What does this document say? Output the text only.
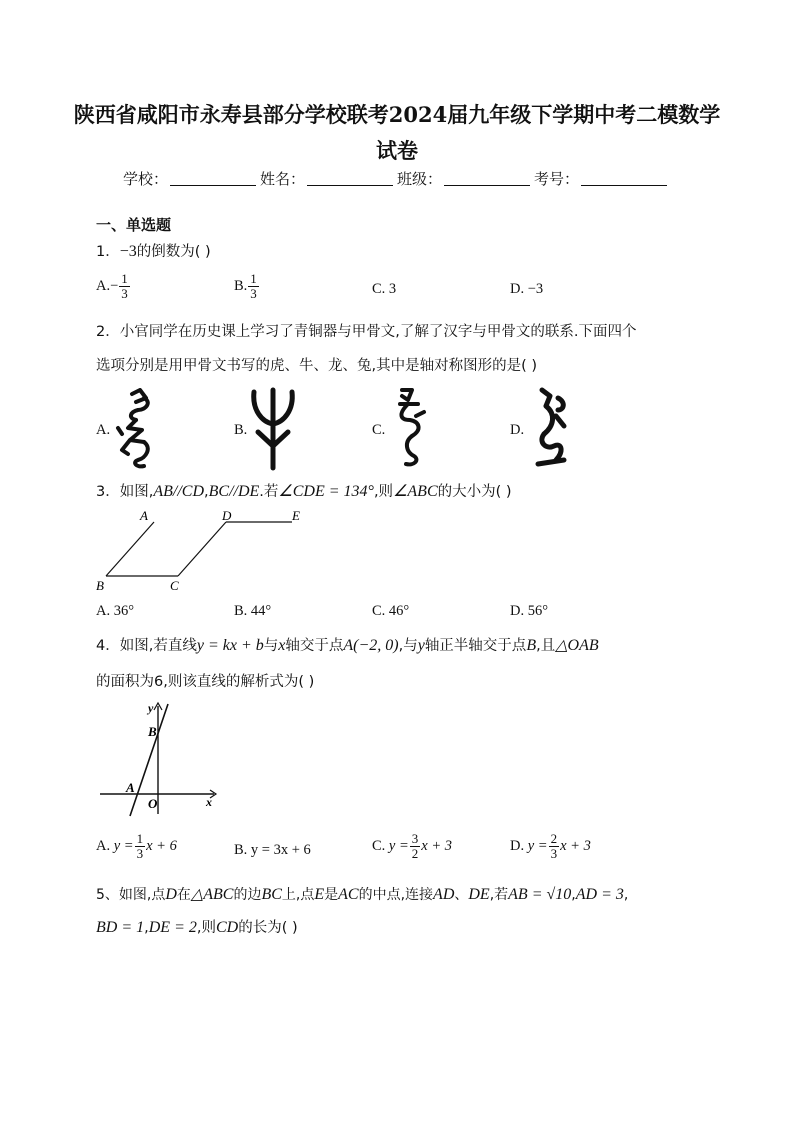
陕西省咸阳市永寿县部分学校联考2024届九年级下学期中考二模数学
试卷
学校：	姓名：	班级：	考号：
一、单选题
1．−3的倒数为( )
$A.- \frac{1}{3}$	B. $\frac{1}{3}$	C. 3	D. −3
2．小官同学在历史课上学习了青铜器与甲骨文,了解了汉字与甲骨文的联系.下面四个
选项分别是用甲骨文书写的虎、牛、龙、兔,其中是轴对称图形的是( )
A.	B.	C.	D.
3．如图,AB//CD,BC//DE.若∠CDE = 134°,则∠ABC的大小为( )
A
B	C
D	E
A. 36°	B. 44°	C. 46°	D. 56°
4．如图,若直线y = kx + b与x轴交于点A(−2, 0),与y轴正半轴交于点B,且△OAB
的面积为6,则该直线的解析式为( )
y
x
B
A
O
A. $y = \frac{1}{3}$ x + 6	B. y = 3x + 6	C. $y = \frac{3}{2}$ x + 3	D. $y = \frac{2}{3}$ x + 3
5、如图,点D在△ABC的边BC上,点E是AC的中点,连接AD、DE,若AB = √10,AD = 3,
BD = 1,DE = 2,则CD的长为( )
